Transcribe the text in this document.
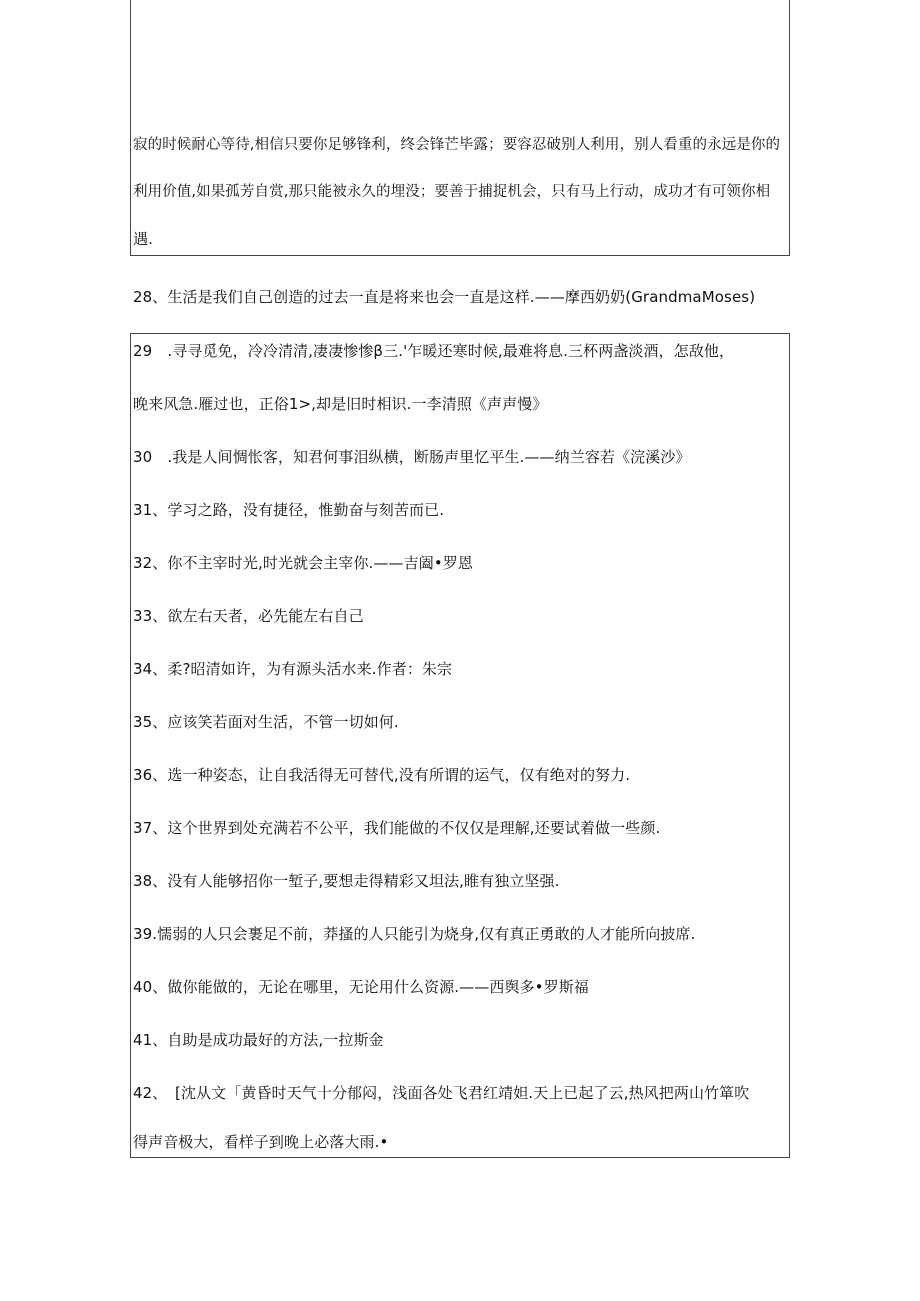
寂的时候耐心等待,相信只要你足够锋利，终会锋芒毕露；要容忍破别人利用，别人看重的永远是你的
利用价值,如果孤芳自赏,那只能被永久的埋没；要善于捕捉机会，只有马上行动，成功才有可领你相
遇.
28、生活是我们自己创造的过去一直是将来也会一直是这样.——摩西奶奶(GrandmaMoses)
29　.寻寻觅免，冷冷清清,凄凄惨惨β三.'乍暖还寒时候,最难将息.三杯两盏淡酒，怎敌他，
晚来风急.雁过也，正俗1>,却是旧时相识.一李清照《声声慢》
30　.我是人间惆怅客，知君何事泪纵横，断肠声里忆平生.——纳兰容若《浣溪沙》
31、学习之路，没有捷径，惟勤奋与刻苦而已.
32、你不主宰时光,时光就会主宰你.——吉阖•罗恩
33、欲左右天者，必先能左右自己
34、柔?昭清如许，为有源头活水来.作者：朱宗
35、应该笑若面对生活，不管一切如何.
36、选一种姿态，让自我活得无可替代,没有所谓的运气，仅有绝对的努力.
37、这个世界到处充满若不公平，我们能做的不仅仅是理解,还要试着做一些颜.
38、没有人能够招你一堑子,要想走得精彩又坦法,睢有独立坚强.
39.懦弱的人只会裹足不前，莽搔的人只能引为烧身,仅有真正勇敢的人才能所向披席.
40、做你能做的，无论在哪里，无论用什么资源.——西舆多•罗斯福
41、自助是成功最好的方法,一拉斯金
42、　[沈从文「黄昏时天气十分郁闷，浅面各处飞君红靖妲.天上已起了云,热风把两山竹箪吹
得声音极大，看样子到晚上必落大雨.•
